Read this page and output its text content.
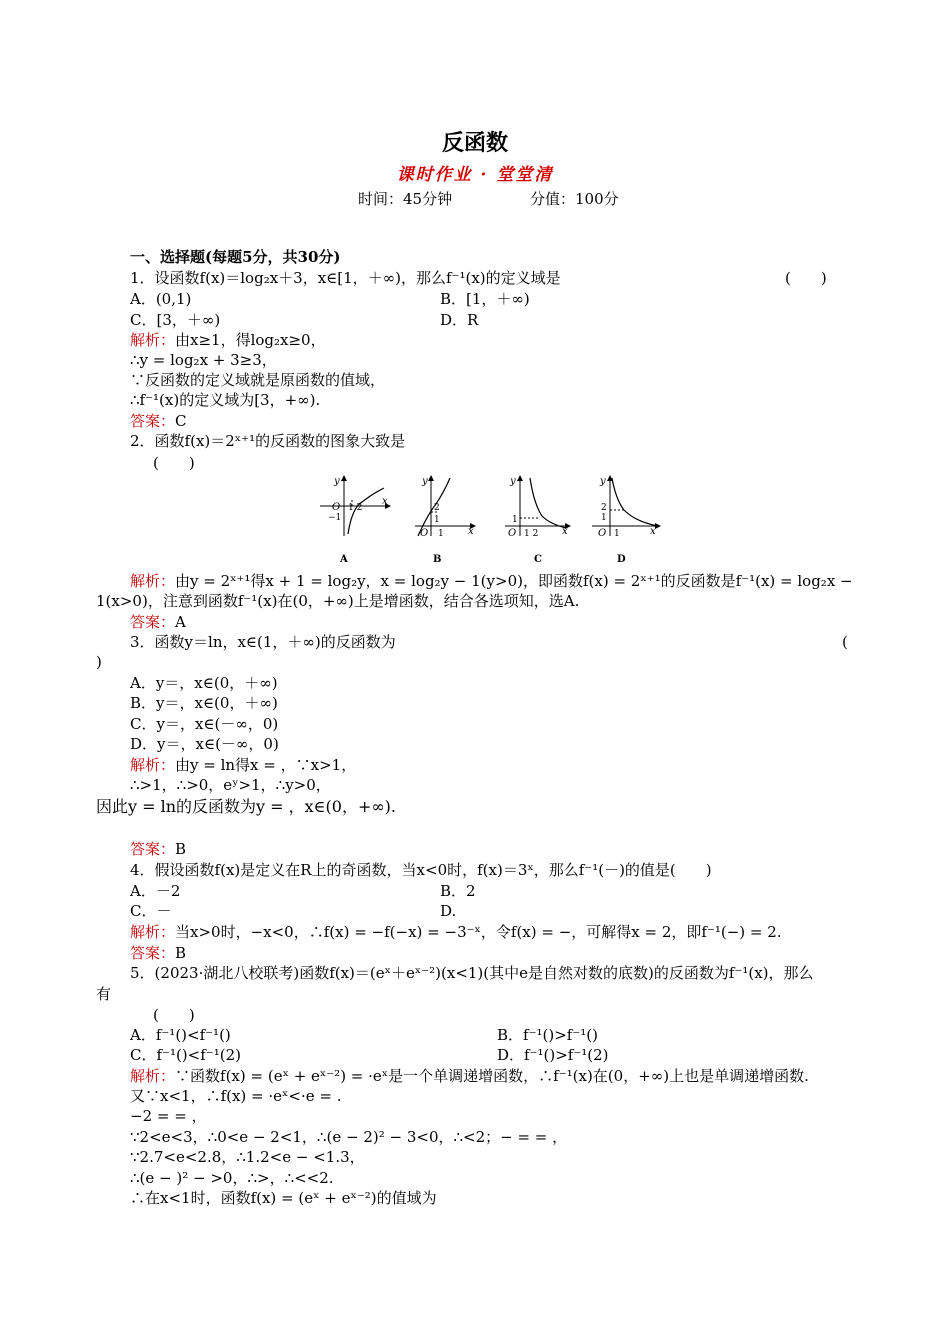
反函数
课时作业 · 堂堂清
时间：45分钟	分值：100分
一、选择题(每题5分，共30分)
1．设函数f(x)＝log₂x＋3，x∈[1，＋∞)，那么f⁻¹(x)的定义域是	(　　)
A．(0,1)	B．[1，＋∞)
C．[3，＋∞)	D．R
解析：由x≥1，得log₂x≥0，
∴y = log₂x + 3≥3，
∵反函数的定义域就是原函数的值域，
∴f⁻¹(x)的定义域为[3，+∞).
答案：C
2．函数f(x)＝2ˣ⁺¹的反函数的图象大致是
(　　)
y
x
O 1 2
−1
A
y
x
O
2
1
1
B
y
x
O
1
1 2
C
y
x
O
2
1
1
D
解析：由y = 2ˣ⁺¹得x + 1 = log₂y，x = log₂y − 1(y>0)，即函数f(x) = 2ˣ⁺¹的反函数是f⁻¹(x) = log₂x −
1(x>0)，注意到函数f⁻¹(x)在(0，+∞)上是增函数，结合各选项知，选A.
答案：A
3．函数y＝ln，x∈(1，＋∞)的反函数为	(
)
A．y＝，x∈(0，＋∞)
B．y＝，x∈(0，＋∞)
C．y＝，x∈(－∞，0)
D．y＝，x∈(－∞，0)
解析：由y = ln得x = ，∵x>1，
∴>1，∴>0，eʸ>1，∴y>0，
因此y = ln的反函数为y = ，x∈(0，+∞).
答案：B
4．假设函数f(x)是定义在R上的奇函数，当x<0时，f(x)＝3ˣ，那么f⁻¹(－)的值是(　　)
A．－2	B．2
C．－	D.
解析：当x>0时，−x<0，∴f(x) = −f(−x) = −3⁻ˣ，令f(x) = −，可解得x = 2，即f⁻¹(−) = 2.
答案：B
5．(2023·湖北八校联考)函数f(x)＝(eˣ＋eˣ⁻²)(x<1)(其中e是自然对数的底数)的反函数为f⁻¹(x)，那么
有
(　　)
A．f⁻¹()<f⁻¹()	B．f⁻¹()>f⁻¹()
C．f⁻¹()<f⁻¹(2)	D．f⁻¹()>f⁻¹(2)
解析：∵函数f(x) = (eˣ + eˣ⁻²) = ·eˣ是一个单调递增函数，∴f⁻¹(x)在(0，+∞)上也是单调递增函数.
又∵x<1，∴f(x) = ·eˣ<·e = .
−2 = = ，
∵2<e<3，∴0<e − 2<1，∴(e − 2)² − 3<0，∴<2；− = = ，
∵2.7<e<2.8，∴1.2<e − <1.3，
∴(e − )² − >0，∴>，∴<<2.
∴在x<1时，函数f(x) = (eˣ + eˣ⁻²)的值域为
